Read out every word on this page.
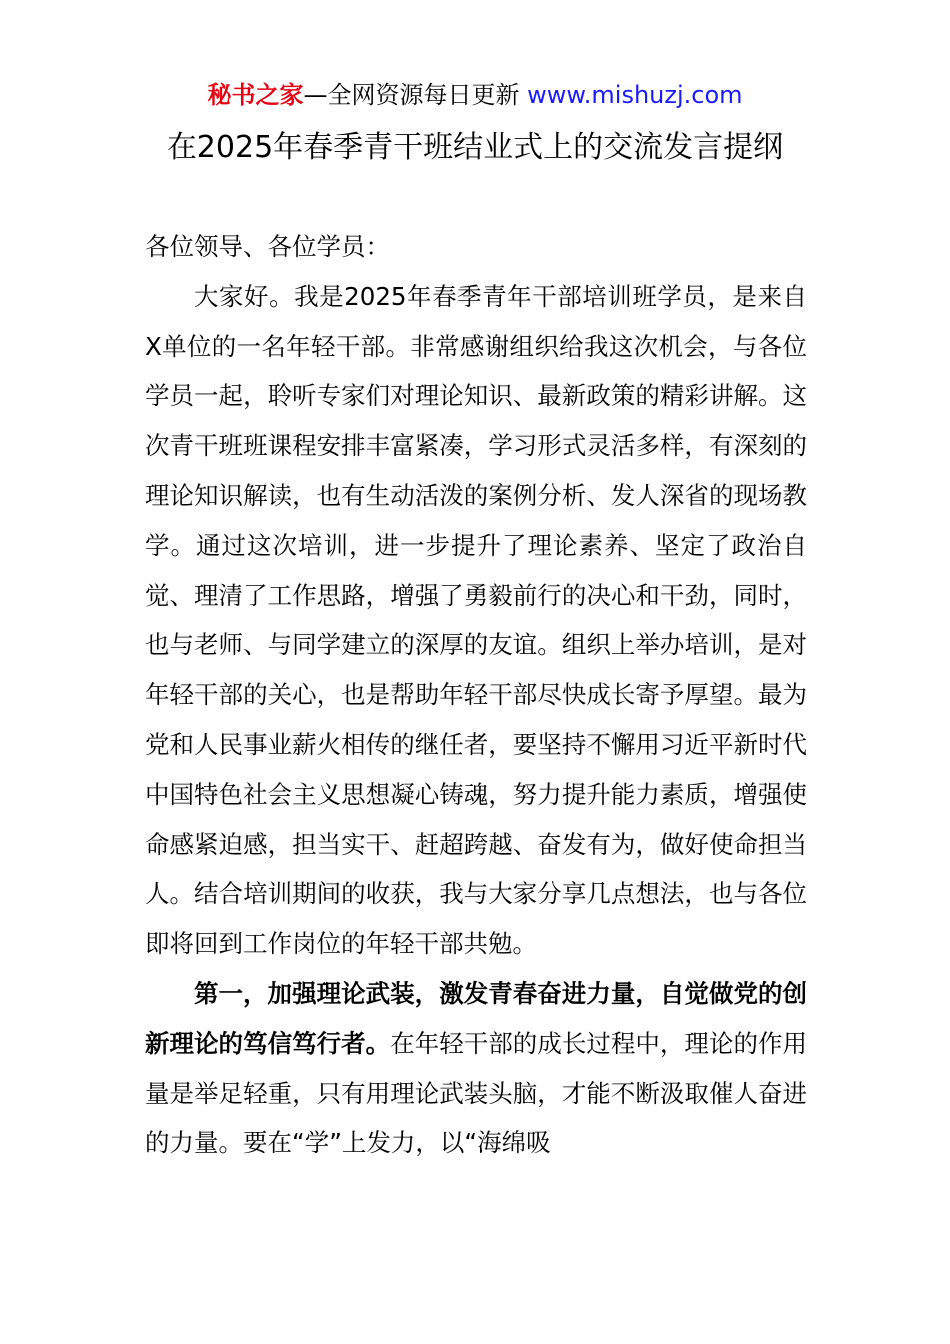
秘书之家—全网资源每日更新 www.mishuzj.com
在2025年春季青干班结业式上的交流发言提纲

各位领导、各位学员：

大家好。我是2025年春季青年干部培训班学员，是来自X单位的一名年轻干部。非常感谢组织给我这次机会，与各位学员一起，聆听专家们对理论知识、最新政策的精彩讲解。这次青干班班课程安排丰富紧凑，学习形式灵活多样，有深刻的理论知识解读，也有生动活泼的案例分析、发人深省的现场教学。通过这次培训，进一步提升了理论素养、坚定了政治自觉、理清了工作思路，增强了勇毅前行的决心和干劲，同时，也与老师、与同学建立的深厚的友谊。组织上举办培训，是对年轻干部的关心，也是帮助年轻干部尽快成长寄予厚望。最为党和人民事业薪火相传的继任者，要坚持不懈用习近平新时代中国特色社会主义思想凝心铸魂，努力提升能力素质，增强使命感紧迫感，担当实干、赶超跨越、奋发有为，做好使命担当人。结合培训期间的收获，我与大家分享几点想法，也与各位即将回到工作岗位的年轻干部共勉。

第一，加强理论武装，激发青春奋进力量，自觉做党的创新理论的笃信笃行者。在年轻干部的成长过程中，理论的作用量是举足轻重，只有用理论武装头脑，才能不断汲取催人奋进的力量。要在“学”上发力，以“海绵吸
